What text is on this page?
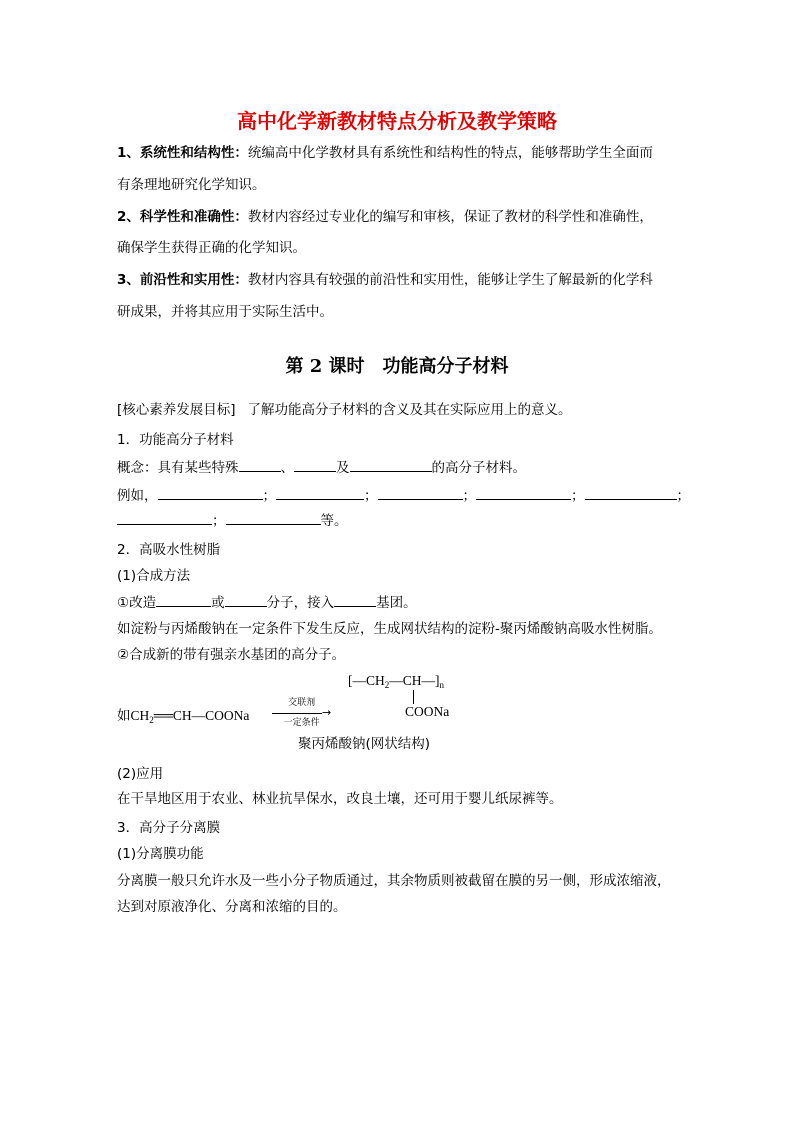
高中化学新教材特点分析及教学策略
1、系统性和结构性：统编高中化学教材具有系统性和结构性的特点，能够帮助学生全面而
有条理地研究化学知识。
2、科学性和准确性：教材内容经过专业化的编写和审核，保证了教材的科学性和准确性，
确保学生获得正确的化学知识。
3、前沿性和实用性：教材内容具有较强的前沿性和实用性，能够让学生了解最新的化学科
研成果，并将其应用于实际生活中。
第 2 课时　功能高分子材料
[核心素养发展目标] 了解功能高分子材料的含义及其在实际应用上的意义。
1．功能高分子材料
概念：具有某些特殊	、	及	的高分子材料。
例如，	；	；	；	；	；
；	等。
2．高吸水性树脂
(1)合成方法
①改造	或	分子，接入	基团。
如淀粉与丙烯酸钠在一定条件下发生反应，生成网状结构的淀粉-聚丙烯酸钠高吸水性树脂。
②合成新的带有强亲水基团的高分子。
$[—CH_2—CH—]_n$
COONa
如$CH_2══CH—COONa$
交联剂
→
一定条件
聚丙烯酸钠(网状结构)
(2)应用
在干旱地区用于农业、林业抗旱保水，改良土壤，还可用于婴儿纸尿裤等。
3．高分子分离膜
(1)分离膜功能
分离膜一般只允许水及一些小分子物质通过，其余物质则被截留在膜的另一侧，形成浓缩液，
达到对原液净化、分离和浓缩的目的。
